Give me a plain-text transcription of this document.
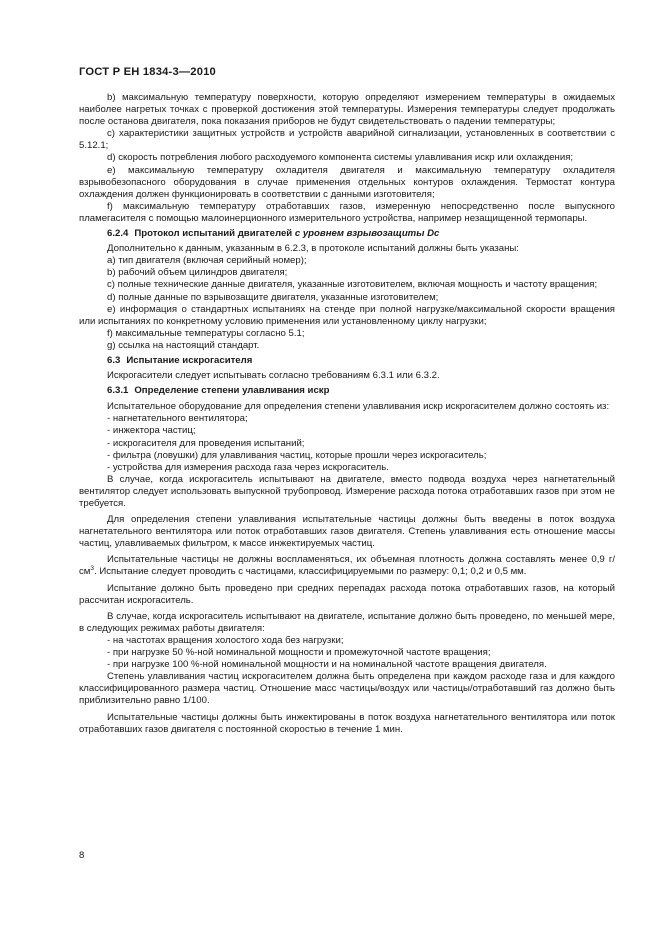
ГОСТ Р ЕН 1834-3—2010

b) максимальную температуру поверхности, которую определяют измерением температуры в ожидаемых наиболее нагретых точках с проверкой достижения этой температуры. Измерения температуры следует продолжать после останова двигателя, пока показания приборов не будут свидетельствовать о падении температуры;

c) характеристики защитных устройств и устройств аварийной сигнализации, установленных в соответствии с 5.12.1;

d) скорость потребления любого расходуемого компонента системы улавливания искр или охлаждения;

e) максимальную температуру охладителя двигателя и максимальную температуру охладителя взрывобезопасного оборудования в случае применения отдельных контуров охлаждения. Термостат контура охлаждения должен функционировать в соответствии с данными изготовителя;

f) максимальную температуру отработавших газов, измеренную непосредственно после выпускного пламегасителя с помощью малоинерционного измерительного устройства, например незащищенной термопары.

6.2.4 Протокол испытаний двигателей с уровнем взрывозащиты Dc

Дополнительно к данным, указанным в 6.2.3, в протоколе испытаний должны быть указаны:

a) тип двигателя (включая серийный номер);

b) рабочий объем цилиндров двигателя;

c) полные технические данные двигателя, указанные изготовителем, включая мощность и частоту вращения;

d) полные данные по взрывозащите двигателя, указанные изготовителем;

e) информация о стандартных испытаниях на стенде при полной нагрузке/максимальной скорости вращения или испытаниях по конкретному условию применения или установленному циклу нагрузки;

f) максимальные температуры согласно 5.1;

g) ссылка на настоящий стандарт.

6.3 Испытание искрогасителя

Искрогасители следует испытывать согласно требованиям 6.3.1 или 6.3.2.

6.3.1 Определение степени улавливания искр

Испытательное оборудование для определения степени улавливания искр искрогасителем должно состоять из:

- нагнетательного вентилятора;

- инжектора частиц;

- искрогасителя для проведения испытаний;

- фильтра (ловушки) для улавливания частиц, которые прошли через искрогаситель;

- устройства для измерения расхода газа через искрогаситель.

В случае, когда искрогаситель испытывают на двигателе, вместо подвода воздуха через нагнетательный вентилятор следует использовать выпускной трубопровод. Измерение расхода потока отработавших газов при этом не требуется.

Для определения степени улавливания испытательные частицы должны быть введены в поток воздуха нагнетательного вентилятора или поток отработавших газов двигателя. Степень улавливания есть отношение массы частиц, улавливаемых фильтром, к массе инжектируемых частиц.

Испытательные частицы не должны воспламеняться, их объемная плотность должна составлять менее 0,9 $г/см^3$. Испытание следует проводить с частицами, классифицируемыми по размеру: 0,1; 0,2 и 0,5 мм.

Испытание должно быть проведено при средних перепадах расхода потока отработавших газов, на который рассчитан искрогаситель.

В случае, когда искрогаситель испытывают на двигателе, испытание должно быть проведено, по меньшей мере, в следующих режимах работы двигателя:

- на частотах вращения холостого хода без нагрузки;

- при нагрузке 50 %-ной номинальной мощности и промежуточной частоте вращения;

- при нагрузке 100 %-ной номинальной мощности и на номинальной частоте вращения двигателя.

Степень улавливания частиц искрогасителем должна быть определена при каждом расходе газа и для каждого классифицированного размера частиц. Отношение масс частицы/воздух или частицы/отработавший газ должно быть приблизительно равно 1/100.

Испытательные частицы должны быть инжектированы в поток воздуха нагнетательного вентилятора или поток отработавших газов двигателя с постоянной скоростью в течение 1 мин.

8
